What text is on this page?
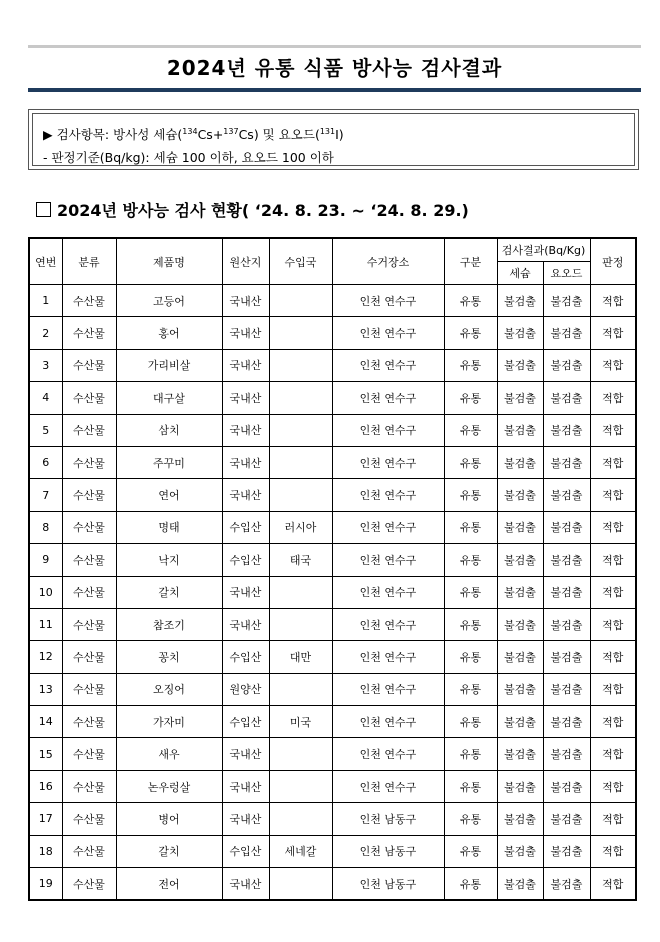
2024년 유통 식품 방사능 검사결과
▶ 검사항목: 방사성 세슘($^{134}$Cs+$^{137}$Cs) 및 요오드($^{131}$I)
- 판정기준(Bq/kg): 세슘 100 이하, 요오드 100 이하
2024년 방사능 검사 현황( ‘24. 8. 23. ~ ‘24. 8. 29.)
연번	분류	제품명	원산지	수입국	수거장소	구분	검사결과(Bq/Kg)		판정
							세슘	요오드	
1	수산물	고등어	국내산		인천 연수구	유통	불검출	불검출	적합
2	수산물	홍어	국내산		인천 연수구	유통	불검출	불검출	적합
3	수산물	가리비살	국내산		인천 연수구	유통	불검출	불검출	적합
4	수산물	대구살	국내산		인천 연수구	유통	불검출	불검출	적합
5	수산물	삼치	국내산		인천 연수구	유통	불검출	불검출	적합
6	수산물	주꾸미	국내산		인천 연수구	유통	불검출	불검출	적합
7	수산물	연어	국내산		인천 연수구	유통	불검출	불검출	적합
8	수산물	명태	수입산	러시아	인천 연수구	유통	불검출	불검출	적합
9	수산물	낙지	수입산	태국	인천 연수구	유통	불검출	불검출	적합
10	수산물	갈치	국내산		인천 연수구	유통	불검출	불검출	적합
11	수산물	참조기	국내산		인천 연수구	유통	불검출	불검출	적합
12	수산물	꽁치	수입산	대만	인천 연수구	유통	불검출	불검출	적합
13	수산물	오징어	원양산		인천 연수구	유통	불검출	불검출	적합
14	수산물	가자미	수입산	미국	인천 연수구	유통	불검출	불검출	적합
15	수산물	새우	국내산		인천 연수구	유통	불검출	불검출	적합
16	수산물	논우렁살	국내산		인천 연수구	유통	불검출	불검출	적합
17	수산물	병어	국내산		인천 남동구	유통	불검출	불검출	적합
18	수산물	갈치	수입산	세네갈	인천 남동구	유통	불검출	불검출	적합
19	수산물	전어	국내산		인천 남동구	유통	불검출	불검출	적합
